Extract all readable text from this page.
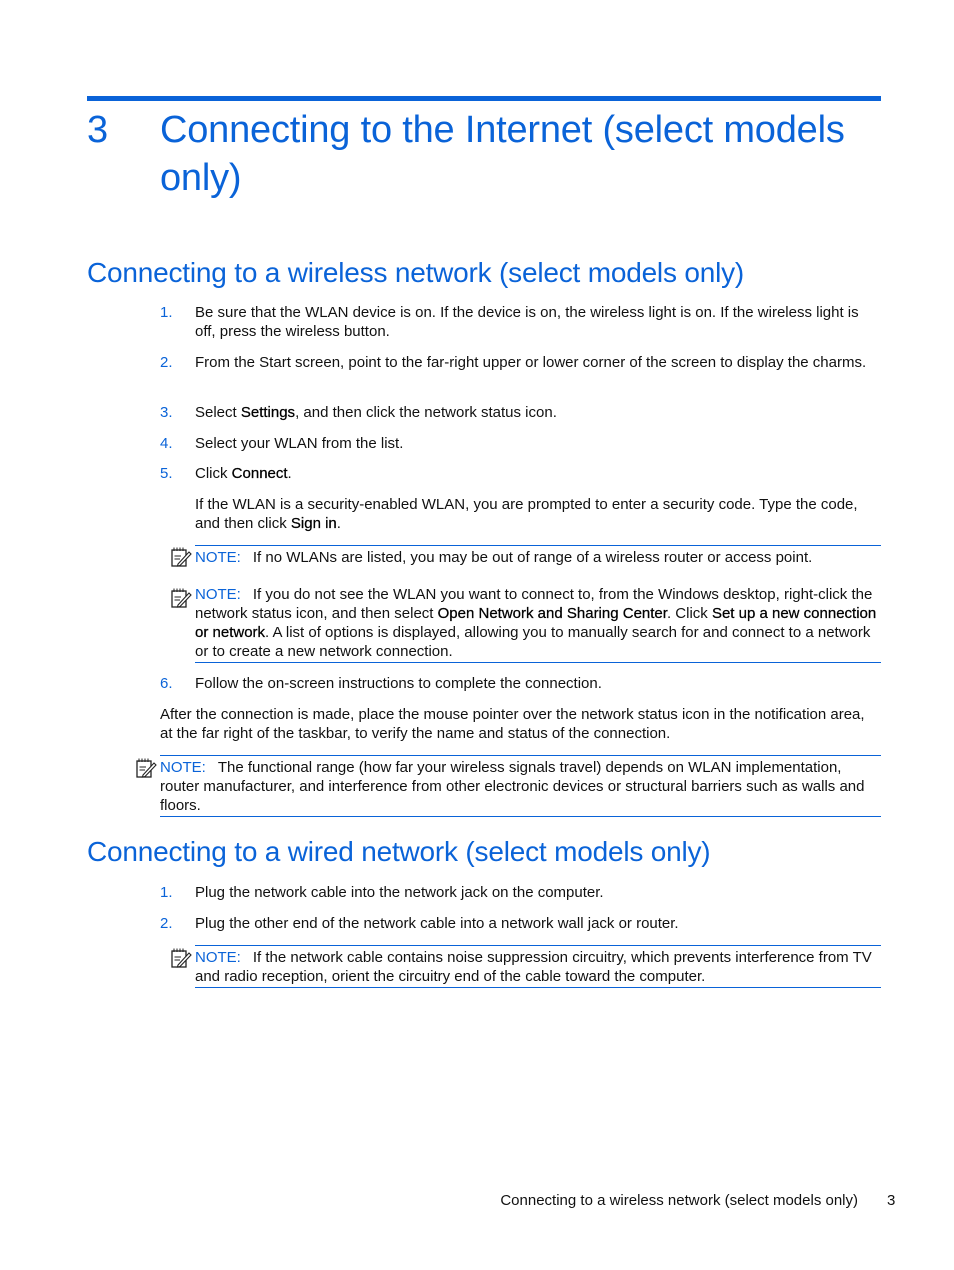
3 Connecting to the Internet (select models only)
Connecting to a wireless network (select models only)
1. Be sure that the WLAN device is on. If the device is on, the wireless light is on. If the wireless light is off, press the wireless button.
2. From the Start screen, point to the far-right upper or lower corner of the screen to display the charms.
3. Select Settings, and then click the network status icon.
4. Select your WLAN from the list.
5. Click Connect.
If the WLAN is a security-enabled WLAN, you are prompted to enter a security code. Type the code, and then click Sign in.
NOTE: If no WLANs are listed, you may be out of range of a wireless router or access point.
NOTE: If you do not see the WLAN you want to connect to, from the Windows desktop, right-click the network status icon, and then select Open Network and Sharing Center. Click Set up a new connection or network. A list of options is displayed, allowing you to manually search for and connect to a network or to create a new network connection.
6. Follow the on-screen instructions to complete the connection.
After the connection is made, place the mouse pointer over the network status icon in the notification area, at the far right of the taskbar, to verify the name and status of the connection.
NOTE: The functional range (how far your wireless signals travel) depends on WLAN implementation, router manufacturer, and interference from other electronic devices or structural barriers such as walls and floors.
Connecting to a wired network (select models only)
1. Plug the network cable into the network jack on the computer.
2. Plug the other end of the network cable into a network wall jack or router.
NOTE: If the network cable contains noise suppression circuitry, which prevents interference from TV and radio reception, orient the circuitry end of the cable toward the computer.
Connecting to a wireless network (select models only) 3
